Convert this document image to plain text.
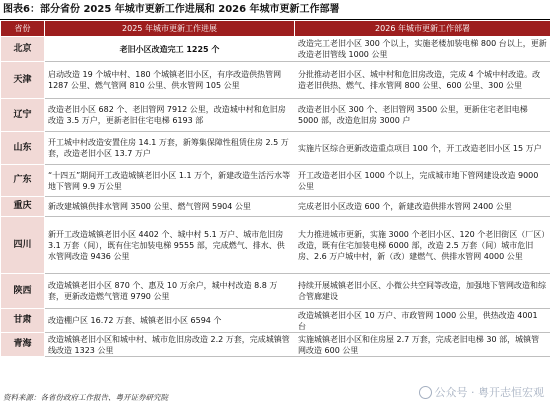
图表6：部分省份 2025 年城市更新工作进展和 2026 年城市更新工作部署
省份	2025 年城市更新工作进展	2026 年城市更新工作部署
北京	老旧小区改造完工 1225 个	改造完工老旧小区 300 个以上，实施老楼加装电梯 800 台以上，更新改造老旧管线 1000 公里
天津	启动改造 19 个城中村、180 个城镇老旧小区，有序改造供热管网 1287 公里、燃气管网 810 公里、供水管网 105 公里	分批推动老旧小区、城中村和危旧房改造，完成 4 个城中村改造。改造老旧供热、燃气、排水管网 800 公里、600 公里、300 公里
辽宁	改造老旧小区 682 个、老旧管网 7912 公里，改造城中村和危旧房改造 3.5 万户，更新老旧住宅电梯 6193 部	改造老旧小区 300 个、老旧管网 3500 公里，更新住宅老旧电梯 5000 部，改造危旧房 3000 户
山东	开工城中村改造安置住房 14.1 万套，新筹集保障性租赁住房 2.5 万套，改造老旧小区 13.7 万户	实施片区综合更新改造重点项目 100 个，开工改造老旧小区 15 万户
广东	“十四五”期间开工改造城镇老旧小区 1.1 万个，新建改造生活污水等地下管网 9.9 万公里	开工改造老旧小区 1000 个以上，完成城市地下管网建设改造 9000 公里
重庆	新改建城镇供排水管网 3500 公里、燃气管网 5904 公里	完成老旧小区改造 600 个，新建改造供排水管网 2400 公里
四川	新开工改造城镇老旧小区 4402 个、城中村 5.1 万户、城市危旧房 3.1 万套（间），既有住宅加装电梯 9555 部，完成燃气、排水、供水管网改造 9436 公里	大力推进城市更新，实施 3000 个老旧小区、120 个老旧街区（厂区）改造，既有住宅加装电梯 6000 部，改造 2.5 万套（间）城市危旧房、2.6 万户城中村，新（改）建燃气、供排水管网 4000 公里
陕西	改造城镇老旧小区 870 个、惠及 10 万余户，城中村改造 8.8 万套，更新改造燃气管道 9790 公里	持续开展城镇老旧小区、小微公共空间等改造，加强地下管网改造和综合管廊建设
甘肃	改造棚户区 16.72 万套、城镇老旧小区 6594 个	改造城镇老旧小区 10 万户、市政管网 1000 公里，供热改造 4001 台
青海	改造城镇老旧小区和城中村、城市危旧房改造 2.2 万套，完成城镇管线改造 1323 公里	实施城镇老旧小区和住房屋 2.7 万套，完成老旧电梯 30 部，城镇管网改造 600 公里
资料来源：各省份政府工作报告、粤开证券研究院	公众号 · 粤开志恒宏观
